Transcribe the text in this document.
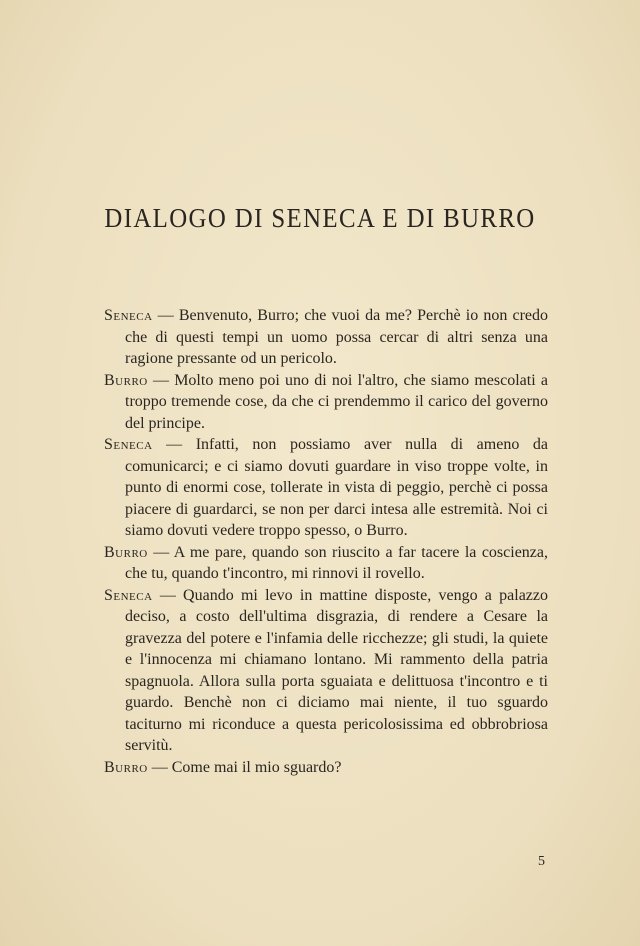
DIALOGO DI SENECA E DI BURRO

Seneca — Benvenuto, Burro; che vuoi da me? Perchè io non credo che di questi tempi un uomo possa cercar di altri senza una ragione pressante od un pericolo.

Burro — Molto meno poi uno di noi l'altro, che siamo mescolati a troppo tremende cose, da che ci prendemmo il carico del governo del principe.

Seneca — Infatti, non possiamo aver nulla di ameno da comunicarci; e ci siamo dovuti guardare in viso troppe volte, in punto di enormi cose, tollerate in vista di peggio, perchè ci possa piacere di guardarci, se non per darci intesa alle estremità. Noi ci siamo dovuti vedere troppo spesso, o Burro.

Burro — A me pare, quando son riuscito a far tacere la coscienza, che tu, quando t'incontro, mi rinnovi il rovello.

Seneca — Quando mi levo in mattine disposte, vengo a palazzo deciso, a costo dell'ultima disgrazia, di rendere a Cesare la gravezza del potere e l'infamia delle ricchezze; gli studi, la quiete e l'innocenza mi chiamano lontano. Mi rammento della patria spagnuola. Allora sulla porta sguaiata e delittuosa t'incontro e ti guardo. Benchè non ci diciamo mai niente, il tuo sguardo taciturno mi riconduce a questa pericolosissima ed obbrobriosa servitù.

Burro — Come mai il mio sguardo?

5
